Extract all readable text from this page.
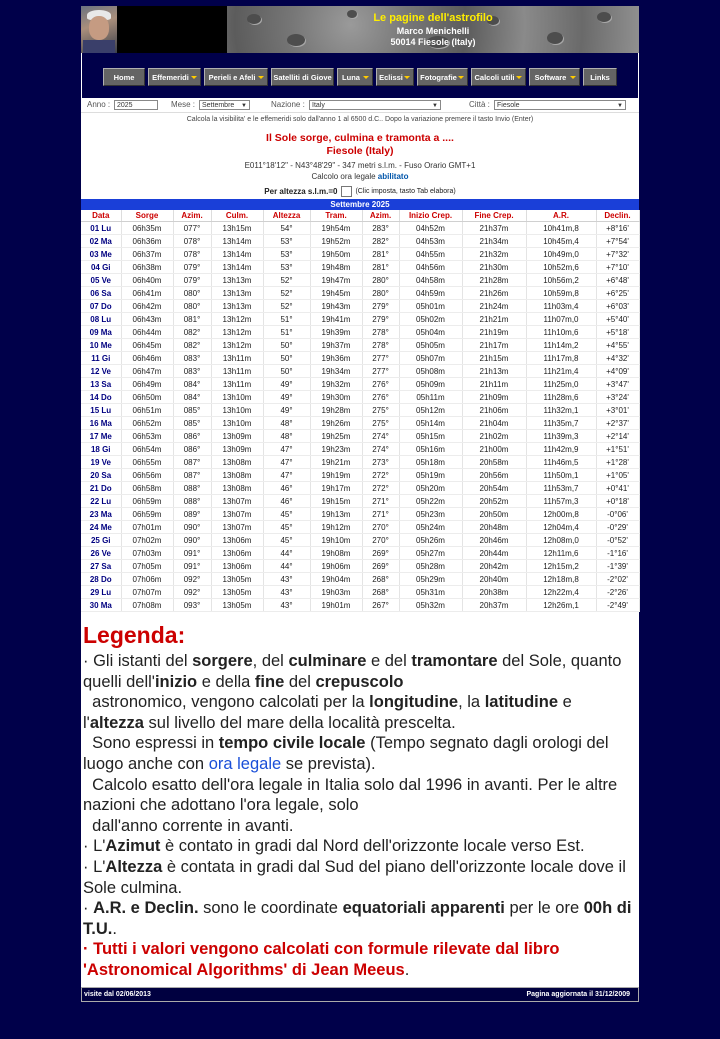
Le pagine dell'astrofilo
Marco Menichelli
50014 Fiesole (Italy)
Home Effemeridi	Perieli e Afeli Satelliti di Giove Luna	Eclissi Fotografie Calcoli utili	Software	Links
Anno : 2025	Mese : Settembre ▼	Nazione :	Italy	▼	Città :	Fiesole	▼
Calcola la visibilita' e le effemeridi solo dall'anno 1 al 6500 d.C.. Dopo la variazione premere il tasto Invio (Enter)
Il Sole sorge, culmina e tramonta a ....
Fiesole (Italy)
E011°18'12" - N43°48'29" - 347 metri s.l.m. - Fuso Orario GMT+1
Calcolo ora legale abilitato
Per altezza s.l.m.=0	(Clic imposta, tasto Tab elabora)
Settembre 2025
Data	Sorge	Azim.	Culm.	Altezza	Tram.	Azim.	Inizio Crep.	Fine Crep.	A.R.	Declin.
01 Lu	06h35m	077°	13h15m	54°	19h54m	283°	04h52m	21h37m	10h41m,8	+8°16'
02 Ma	06h36m	078°	13h14m	53°	19h52m	282°	04h53m	21h34m	10h45m,4	+7°54'
03 Me	06h37m	078°	13h14m	53°	19h50m	281°	04h55m	21h32m	10h49m,0	+7°32'
04 Gi	06h38m	079°	13h14m	53°	19h48m	281°	04h56m	21h30m	10h52m,6	+7°10'
05 Ve	06h40m	079°	13h13m	52°	19h47m	280°	04h58m	21h28m	10h56m,2	+6°48'
06 Sa	06h41m	080°	13h13m	52°	19h45m	280°	04h59m	21h26m	10h59m,8	+6°25'
07 Do	06h42m	080°	13h13m	52°	19h43m	279°	05h01m	21h24m	11h03m,4	+6°03'
08 Lu	06h43m	081°	13h12m	51°	19h41m	279°	05h02m	21h21m	11h07m,0	+5°40'
09 Ma	06h44m	082°	13h12m	51°	19h39m	278°	05h04m	21h19m	11h10m,6	+5°18'
10 Me	06h45m	082°	13h12m	50°	19h37m	278°	05h05m	21h17m	11h14m,2	+4°55'
11 Gi	06h46m	083°	13h11m	50°	19h36m	277°	05h07m	21h15m	11h17m,8	+4°32'
12 Ve	06h47m	083°	13h11m	50°	19h34m	277°	05h08m	21h13m	11h21m,4	+4°09'
13 Sa	06h49m	084°	13h11m	49°	19h32m	276°	05h09m	21h11m	11h25m,0	+3°47'
14 Do	06h50m	084°	13h10m	49°	19h30m	276°	05h11m	21h09m	11h28m,6	+3°24'
15 Lu	06h51m	085°	13h10m	49°	19h28m	275°	05h12m	21h06m	11h32m,1	+3°01'
16 Ma	06h52m	085°	13h10m	48°	19h26m	275°	05h14m	21h04m	11h35m,7	+2°37'
17 Me	06h53m	086°	13h09m	48°	19h25m	274°	05h15m	21h02m	11h39m,3	+2°14'
18 Gi	06h54m	086°	13h09m	47°	19h23m	274°	05h16m	21h00m	11h42m,9	+1°51'
19 Ve	06h55m	087°	13h08m	47°	19h21m	273°	05h18m	20h58m	11h46m,5	+1°28'
20 Sa	06h56m	087°	13h08m	47°	19h19m	272°	05h19m	20h56m	11h50m,1	+1°05'
21 Do	06h58m	088°	13h08m	46°	19h17m	272°	05h20m	20h54m	11h53m,7	+0°41'
22 Lu	06h59m	088°	13h07m	46°	19h15m	271°	05h22m	20h52m	11h57m,3	+0°18'
23 Ma	06h59m	089°	13h07m	45°	19h13m	271°	05h23m	20h50m	12h00m,8	-0°06'
24 Me	07h01m	090°	13h07m	45°	19h12m	270°	05h24m	20h48m	12h04m,4	-0°29'
25 Gi	07h02m	090°	13h06m	45°	19h10m	270°	05h26m	20h46m	12h08m,0	-0°52'
26 Ve	07h03m	091°	13h06m	44°	19h08m	269°	05h27m	20h44m	12h11m,6	-1°16'
27 Sa	07h05m	091°	13h06m	44°	19h06m	269°	05h28m	20h42m	12h15m,2	-1°39'
28 Do	07h06m	092°	13h05m	43°	19h04m	268°	05h29m	20h40m	12h18m,8	-2°02'
29 Lu	07h07m	092°	13h05m	43°	19h03m	268°	05h31m	20h38m	12h22m,4	-2°26'
30 Ma	07h08m	093°	13h05m	43°	19h01m	267°	05h32m	20h37m	12h26m,1	-2°49'
Legenda:
· Gli istanti del sorgere, del culminare e del tramontare del Sole, quanto quelli dell'inizio e della fine del crepuscolo
astronomico, vengono calcolati per la longitudine, la latitudine e l'altezza sul livello del mare della località prescelta.
Sono espressi in tempo civile locale (Tempo segnato dagli orologi del luogo anche con ora legale se prevista).
Calcolo esatto dell'ora legale in Italia solo dal 1996 in avanti. Per le altre nazioni che adottano l'ora legale, solo
dall'anno corrente in avanti.
· L'Azimut è contato in gradi dal Nord dell'orizzonte locale verso Est.
· L'Altezza è contata in gradi dal Sud del piano dell'orizzonte locale dove il Sole culmina.
· A.R. e Declin. sono le coordinate equatoriali apparenti per le ore 00h di T.U..
· Tutti i valori vengono calcolati con formule rilevate dal libro 'Astronomical Algorithms' di Jean Meeus.
visite dal 02/06/2013	Pagina aggiornata il 31/12/2009
